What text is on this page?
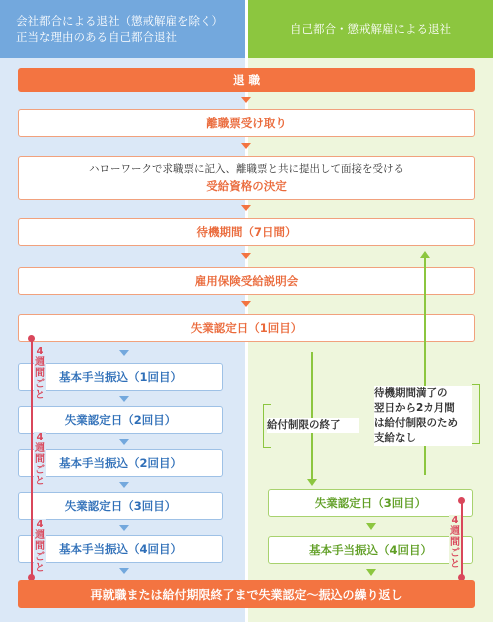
会社都合による退社（懲戒解雇を除く）
正当な理由のある自己都合退社
自己都合・懲戒解雇による退社
退 職
離職票受け取り
ハローワークで求職票に記入、離職票と共に提出して面接を受ける
受給資格の決定
待機期間（7日間）
雇用保険受給説明会
失業認定日（1回目）
基本手当振込（1回目）
失業認定日（2回目）
基本手当振込（2回目）
失業認定日（3回目）
基本手当振込（4回目）
4週間ごと
4週間ごと
4週間ごと
給付制限の終了
待機期間満了の
翌日から2カ月間
は給付制限のため
支給なし
失業認定日（3回目）
基本手当振込（4回目）
4週間ごと
再就職または給付期限終了まで失業認定～振込の繰り返し
